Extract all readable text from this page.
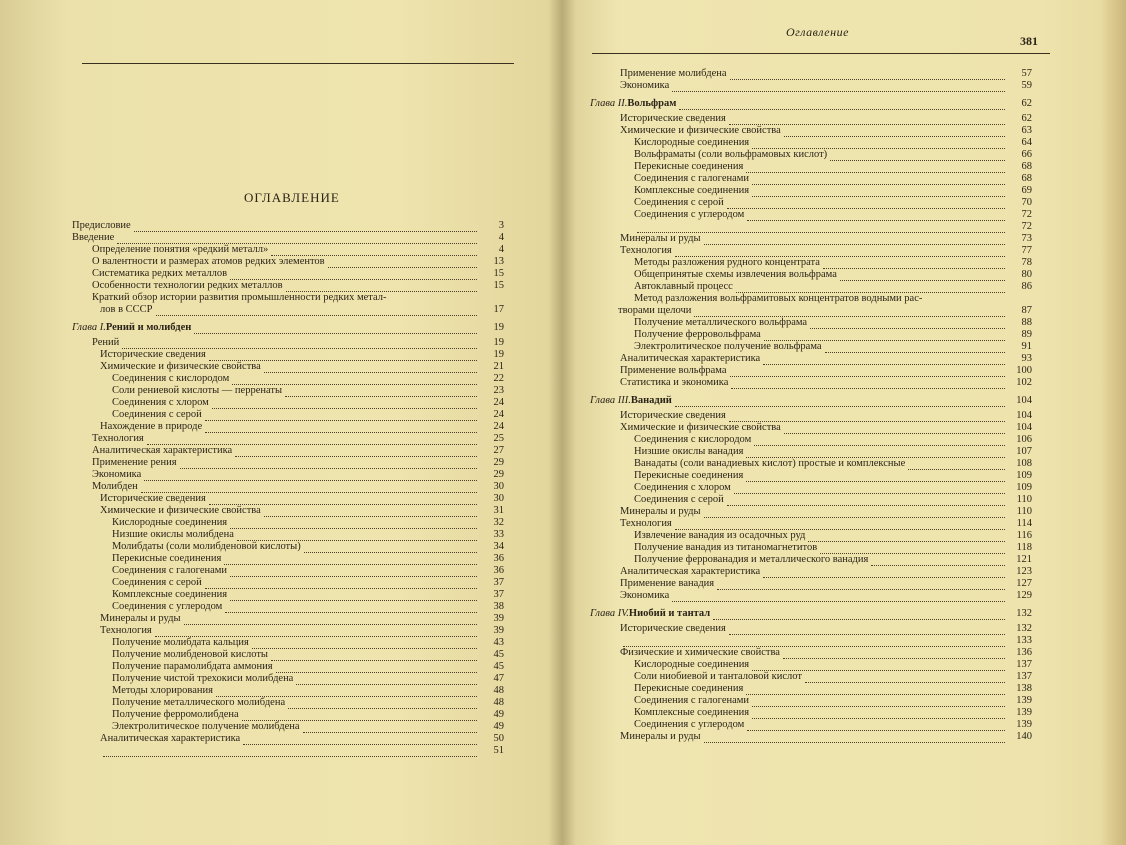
ОГЛАВЛЕНИЕ
Предисловие	3
Введение	4
Определение понятия «редкий металл»	4
О валентности и размерах атомов редких элементов	13
Систематика редких металлов	15
Особенности технологии редких металлов	15
Краткий обзор истории развития промышленности редких метал-
лов в СССР	17
Глава I. Рений и молибден	19
Рений	19
Исторические сведения	19
Химические и физические свойства	21
Соединения с кислородом	22
Соли рениевой кислоты — перренаты	23
Соединения с хлором	24
Соединения с серой	24
Нахождение в природе	24
Технология	25
Аналитическая характеристика	27
Применение рения	29
Экономика	29
Молибден	30
Исторические сведения	30
Химические и физические свойства	31
Кислородные соединения	32
Низшие окислы молибдена	33
Молибдаты (соли молибденовой кислоты)	34
Перекисные соединения	36
Соединения с галогенами	36
Соединения с серой	37
Комплексные соединения	37
Соединения с углеродом	38
Минералы и руды	39
Технология	39
Получение молибдата кальция	43
Получение молибденовой кислоты	45
Получение парамолибдата аммония	45
Получение чистой трехокиси молибдена	47
Методы хлорирования	48
Получение металлического молибдена	48
Получение ферромолибдена	49
Электролитическое получение молибдена	49
Аналитическая характеристика	50
51
Оглавление
381
Применение молибдена	57
Экономика	59
Глава II. Вольфрам	62
Исторические сведения	62
Химические и физические свойства	63
Кислородные соединения	64
Вольфраматы (соли вольфрамовых кислот)	66
Перекисные соединения	68
Соединения с галогенами	68
Комплексные соединения	69
Соединения с серой	70
Соединения с углеродом	72
72
Минералы и руды	73
Технология	77
Методы разложения рудного концентрата	78
Общепринятые схемы извлечения вольфрама	80
Автоклавный процесс	86
Метод разложения вольфрамитовых концентратов водными рас-
творами щелочи	87
Получение металлического вольфрама	88
Получение ферровольфрама	89
Электролитическое получение вольфрама	91
Аналитическая характеристика	93
Применение вольфрама	100
Статистика и экономика	102
Глава III. Ванадий	104
Исторические сведения	104
Химические и физические свойства	104
Соединения с кислородом	106
Низшие окислы ванадия	107
Ванадаты (соли ванадиевых кислот) простые и комплексные	108
Перекисные соединения	109
Соединения с хлором	109
Соединения с серой	110
Минералы и руды	110
Технология	114
Извлечение ванадия из осадочных руд	116
Получение ванадия из титаномагнетитов	118
Получение феррованадия и металлического ванадия	121
Аналитическая характеристика	123
Применение ванадия	127
Экономика	129
Глава IV. Ниобий и тантал	132
Исторические сведения	132
133
Физические и химические свойства	136
Кислородные соединения	137
Соли ниобиевой и танталовой кислот	137
Перекисные соединения	138
Соединения с галогенами	139
Комплексные соединения	139
Соединения с углеродом	139
Минералы и руды	140
